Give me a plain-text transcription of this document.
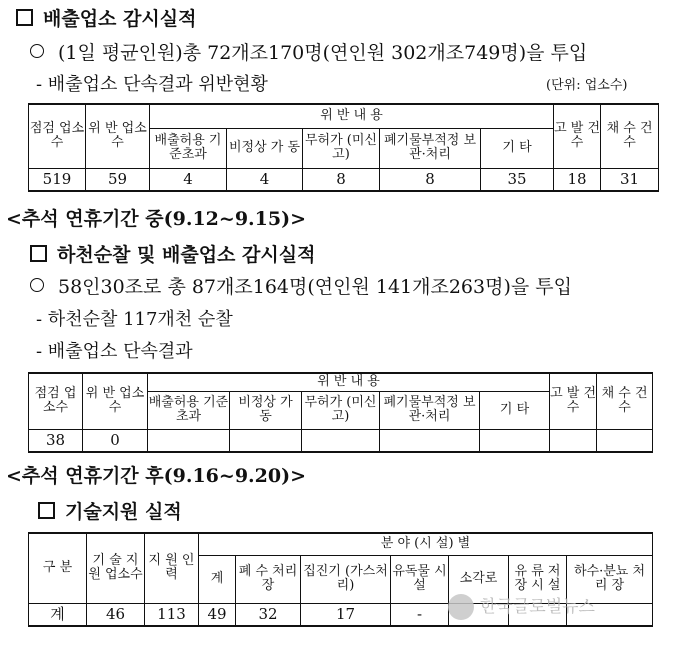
배출업소 감시실적
(1일 평균인원)총 72개조170명(연인원 302개조749명)을 투입
- 배출업소 단속결과 위반현황	(단위: 업소수)
점검 업소수	위 반 업소수	위 반 내 용					고 발 건 수	채 수 건 수
		배출허용 기준초과	비정상 가 동	무허가 (미신고)	폐기물부적정 보관·처리	기 타		
519	59	4	4	8	8	35	18	31
<추석 연휴기간 중(9.12~9.15)>
하천순찰 및 배출업소 감시실적
58인30조로 총 87개조164명(연인원 141개조263명)을 투입
- 하천순찰 117개천 순찰
- 배출업소 단속결과
점검 업소수	위 반 업소수	위 반 내 용					고 발 건 수	채 수 건 수
		배출허용 기준초과	비정상 가 동	무허가 (미신고)	폐기물부적정 보관·처리	기 타		
38	0							
<추석 연휴기간 후(9.16~9.20)>
기술지원 실적
구 분	기 술 지 원 업소수	지 원 인 력	분 야 (시 설) 별						
			계	폐 수 처리장	집진기 (가스처리)	유독물 시 설	소각로	유 류 저 장 시 설	하수·분뇨 처 리 장
계	46	113	49	32	17	-				한국글로벌뉴스
